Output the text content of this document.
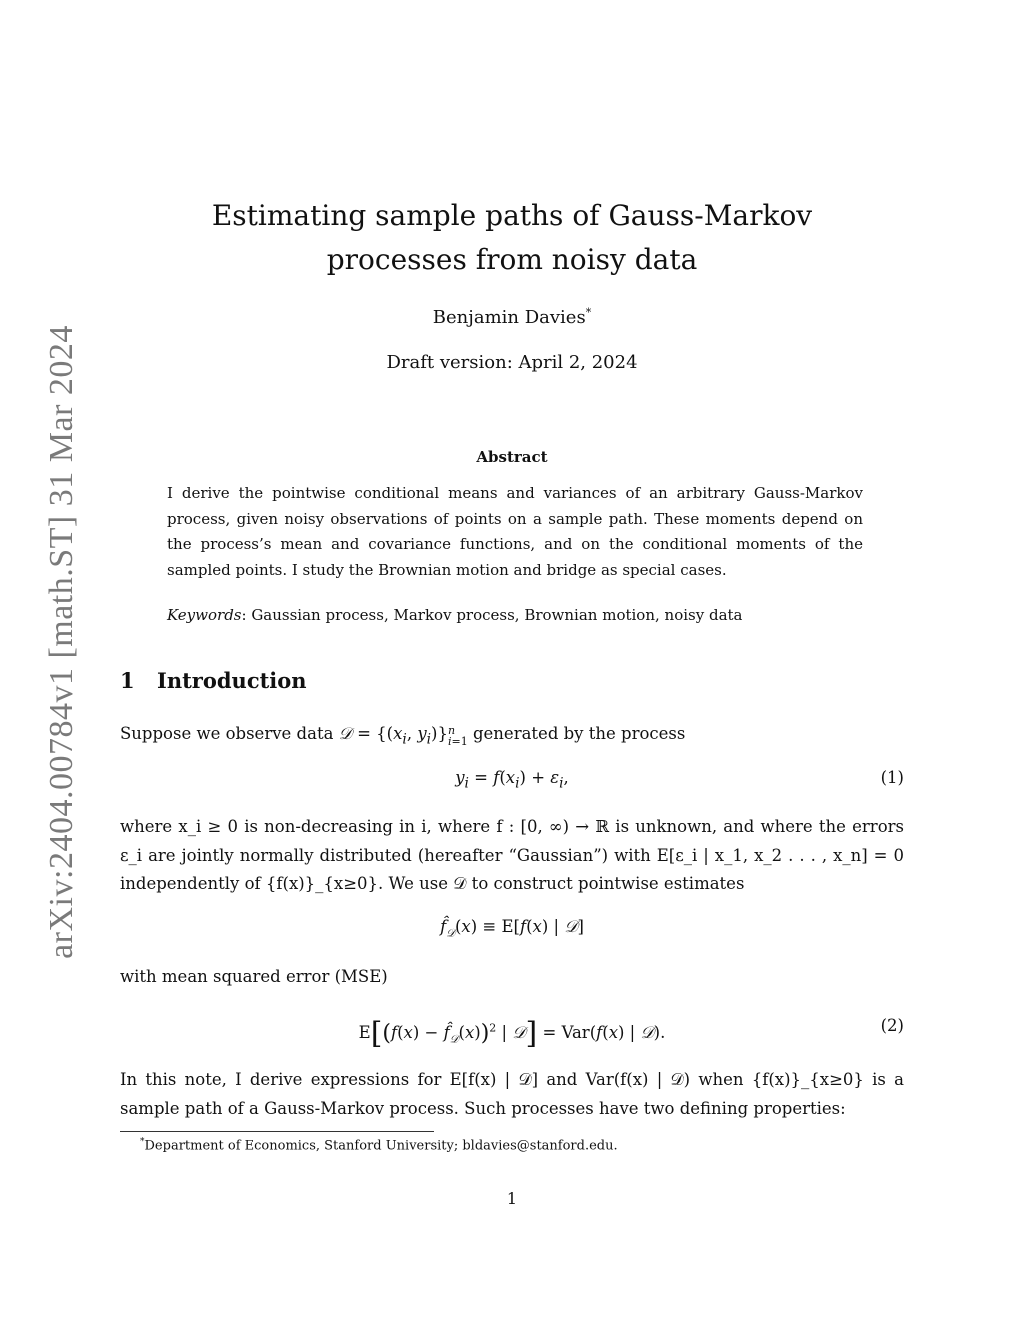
arXiv:2404.00784v1 [math.ST] 31 Mar 2024
Estimating sample paths of Gauss-Markov
processes from noisy data
Benjamin Davies*
Draft version: April 2, 2024
Abstract
I derive the pointwise conditional means and variances of an arbitrary Gauss-Markov process, given noisy observations of points on a sample path. These moments depend on the process’s mean and covariance functions, and on the conditional moments of the sampled points. I study the Brownian motion and bridge as special cases.
Keywords: Gaussian process, Markov process, Brownian motion, noisy data
1 Introduction
Suppose we observe data 𝒟 = {($x_i$, $y_i)\}n$
i=1 generated by the process
$y_i = f(x_i) + \varepsilon_i$,	(1)
where x_i ≥ 0 is non-decreasing in i, where f : [0, ∞) → ℝ is unknown, and where the errors ε_i are jointly normally distributed (hereafter “Gaussian”) with E[ε_i | x_1, x_2 . . . , x_n] = 0 independently of {f(x)}_{x≥0}. We use 𝒟 to construct pointwise estimates
$f̂_𝒟(x) \equiv E[f(x)$ | 𝒟]
with mean squared error (MSE)
$E[(f(x) - f̂_𝒟(x))^2$ | 𝒟] = Var(f(x) | 𝒟).	(2)
In this note, I derive expressions for E[f(x) | 𝒟] and Var(f(x) | 𝒟) when {f(x)}_{x≥0} is a sample path of a Gauss-Markov process. Such processes have two defining properties:
*Department of Economics, Stanford University; bldavies@stanford.edu.
1
